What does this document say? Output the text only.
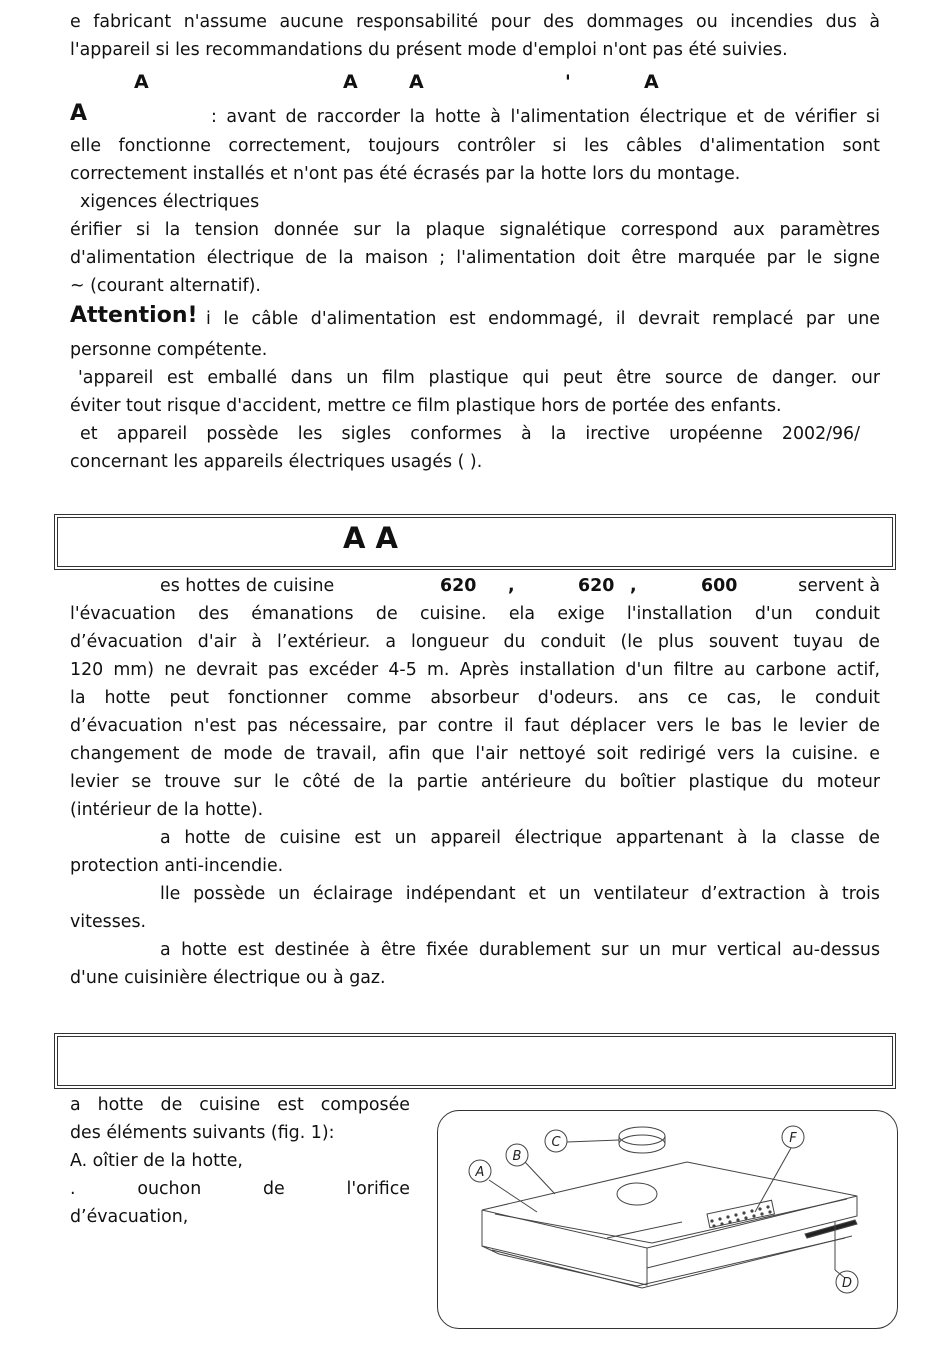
e fabricant n'assume aucune responsabilité pour des dommages ou incendies dus à
l'appareil si les recommandations du présent mode d'emploi n'ont pas été suivies.
A	A	A	'	A
A	: avant de raccorder la hotte à l'alimentation électrique et de vérifier si
elle fonctionne correctement, toujours contrôler si les câbles d'alimentation sont
correctement installés et n'ont pas été écrasés par la hotte lors du montage.
xigences électriques
érifier si la tension donnée sur la plaque signalétique correspond aux paramètres
d'alimentation électrique de la maison ; l'alimentation doit être marquée par le signe
~ (courant alternatif).
Attention! i le câble d'alimentation est endommagé, il devrait remplacé par une
personne compétente.
'appareil est emballé dans un film plastique qui peut être source de danger. our
éviter tout risque d'accident, mettre ce film plastique hors de portée des enfants.
et appareil possède les sigles conformes à la irective uropéenne 2002/96/
concernant les appareils électriques usagés ( ).
A A
es hottes de cuisine	620 ,	620 ,	600	servent à
l'évacuation des émanations de cuisine. ela exige l'installation d'un conduit
d’évacuation d'air à l’extérieur. a longueur du conduit (le plus souvent tuyau de
120 mm) ne devrait pas excéder 4-5 m. Après installation d'un filtre au carbone actif,
la hotte peut fonctionner comme absorbeur d'odeurs. ans ce cas, le conduit
d’évacuation n'est pas nécessaire, par contre il faut déplacer vers le bas le levier de
changement de mode de travail, afin que l'air nettoyé soit redirigé vers la cuisine. e
levier se trouve sur le côté de la partie antérieure du boîtier plastique du moteur
(intérieur de la hotte).
a hotte de cuisine est un appareil électrique appartenant à la classe de
protection anti-incendie.
lle possède un éclairage indépendant et un ventilateur d’extraction à trois
vitesses.
a hotte est destinée à être fixée durablement sur un mur vertical au-dessus
d'une cuisinière électrique ou à gaz.
a hotte de cuisine est composée
des éléments suivants (fig. 1):
A. oîtier de la hotte,
. ouchon de l'orifice
d’évacuation,
A
B
C
D
F
